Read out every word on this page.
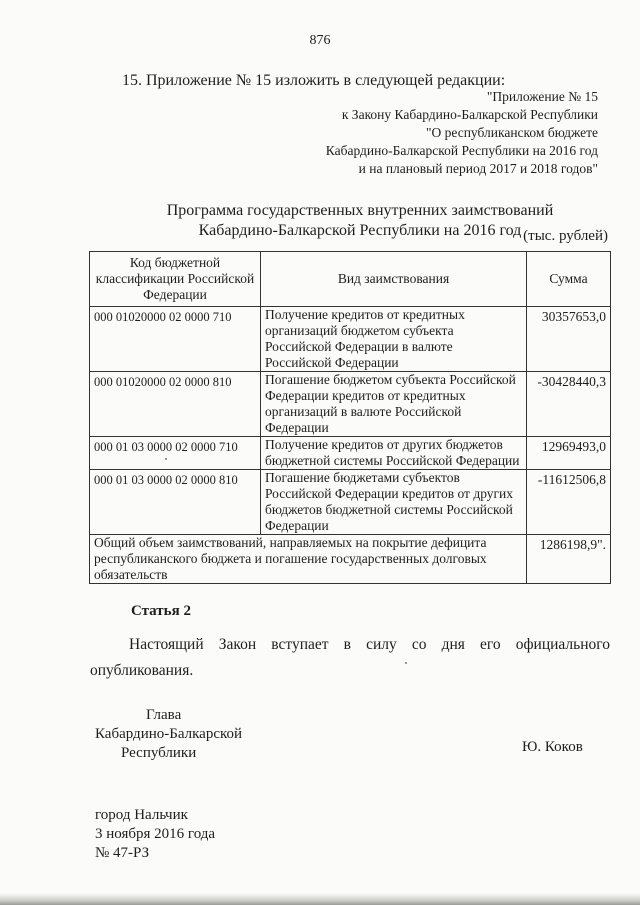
876
15. Приложение № 15 изложить в следующей редакции:
"Приложение № 15
к Закону Кабардино-Балкарской Республики
"О республиканском бюджете
Кабардино-Балкарской Республики на 2016 год
и на плановый период 2017 и 2018 годов"
Программа государственных внутренних заимствований
Кабардино-Балкарской Республики на 2016 год (тыс. рублей)
Код бюджетной классификации Российской Федерации	Вид заимствования	Сумма
000 01020000 02 0000 710	Получение кредитов от кредитных организаций бюджетом субъекта Российской Федерации в валюте Российской Федерации	30357653,0
000 01020000 02 0000 810	Погашение бюджетом субъекта Российской Федерации кредитов от кредитных организаций в валюте Российской Федерации	-30428440,3
000 01 03 0000 02 0000 710	Получение кредитов от других бюджетов бюджетной системы Российской Федерации	12969493,0
000 01 03 0000 02 0000 810	Погашение бюджетами субъектов Российской Федерации кредитов от других бюджетов бюджетной системы Российской Федерации	-11612506,8
Общий объем заимствований, направляемых на покрытие дефицита республиканского бюджета и погашение государственных долговых обязательств		1286198,9".
Статья 2
Настоящий Закон вступает в силу со дня его официального опубликования.
Глава
Кабардино-Балкарской
Республики	Ю. Коков
город Нальчик
3 ноября 2016 года
№ 47-РЗ
